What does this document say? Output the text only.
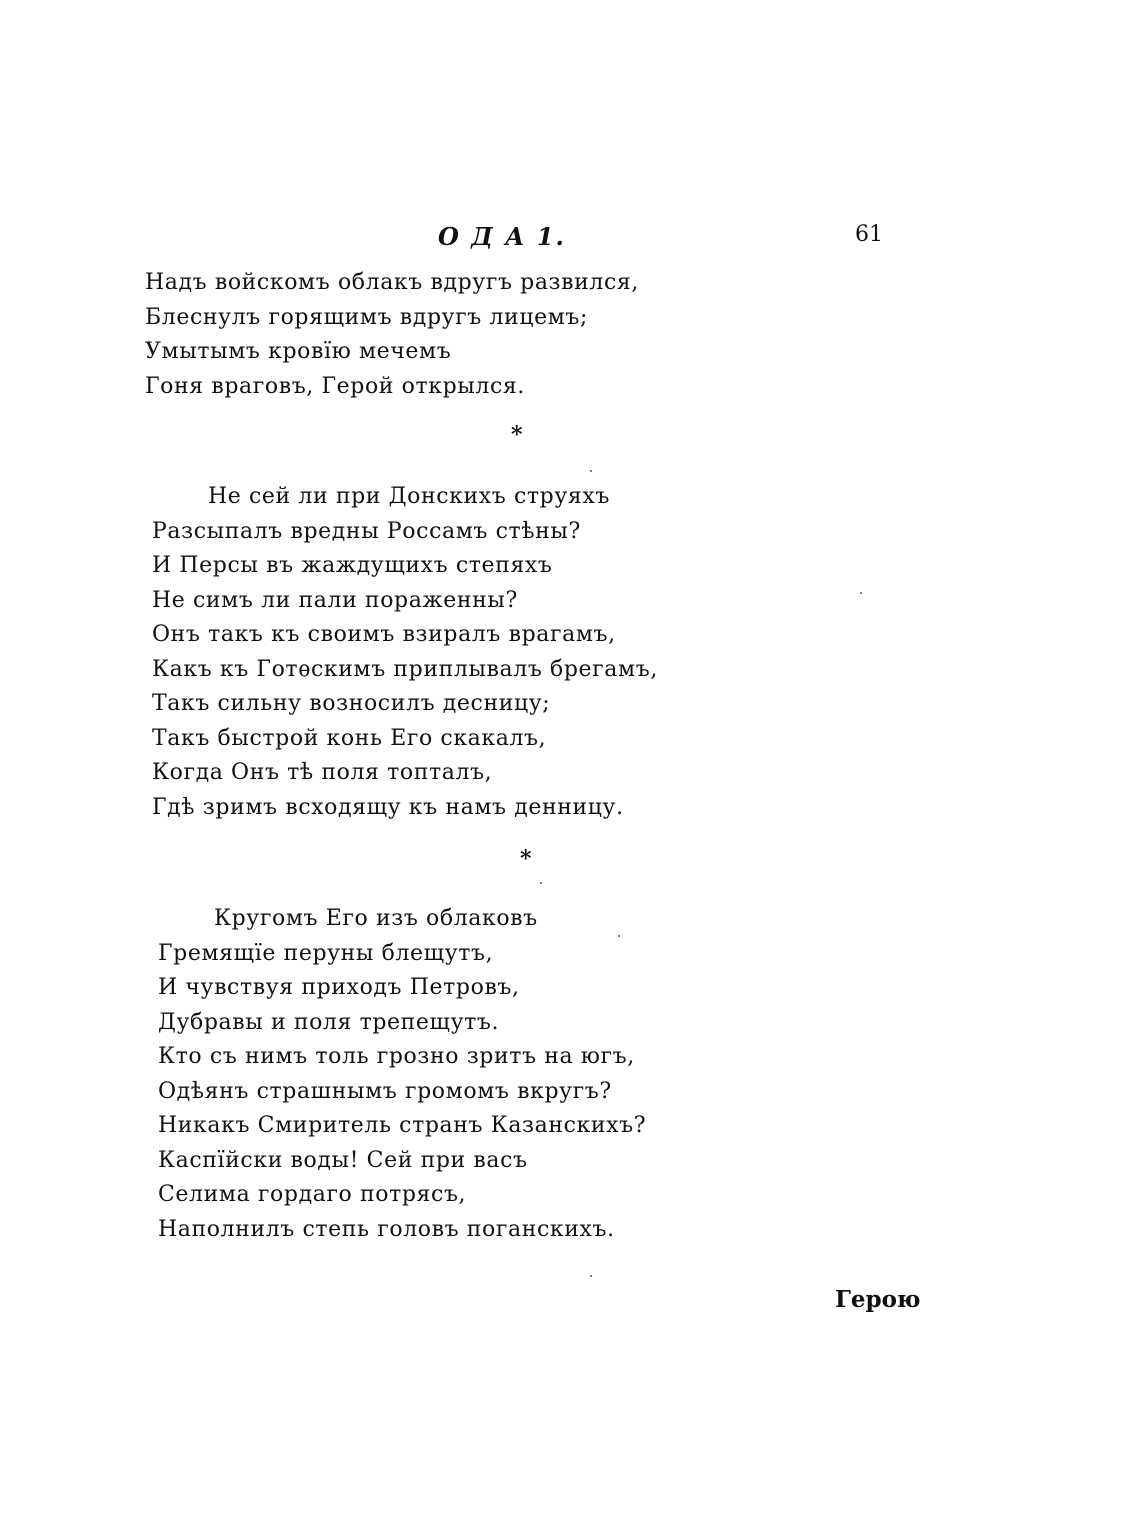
О Д А 1.	61
Надъ войскомъ облакъ вдругъ развился,
Блеснулъ горящимъ вдругъ лицемъ;
Умытымъ кровїю мечемъ
Гоня враговъ, Герой открылся.
*
Не сей ли при Донскихъ струяхъ
Разсыпалъ вредны Россамъ стѣны?
И Персы въ жаждущихъ степяхъ
Не симъ ли пали пораженны?
Онъ такъ къ своимъ взиралъ врагамъ,
Какъ къ Готѳскимъ приплывалъ брегамъ,
Такъ сильну возносилъ десницу;
Такъ быстрой конь Его скакалъ,
Когда Онъ тѣ поля топталъ,
Гдѣ зримъ всходящу къ намъ денницу.
*
Кругомъ Его изъ облаковъ
Гремящїе перуны блещутъ,
И чувствуя приходъ Петровъ,
Дубравы и поля трепещутъ.
Кто съ нимъ толь грозно зритъ на югъ,
Одѣянъ страшнымъ громомъ вкругъ?
Никакъ Смиритель странъ Казанскихъ?
Каспїйски воды! Сей при васъ
Селима гордаго потрясъ,
Наполнилъ степь головъ поганскихъ.
Герою
